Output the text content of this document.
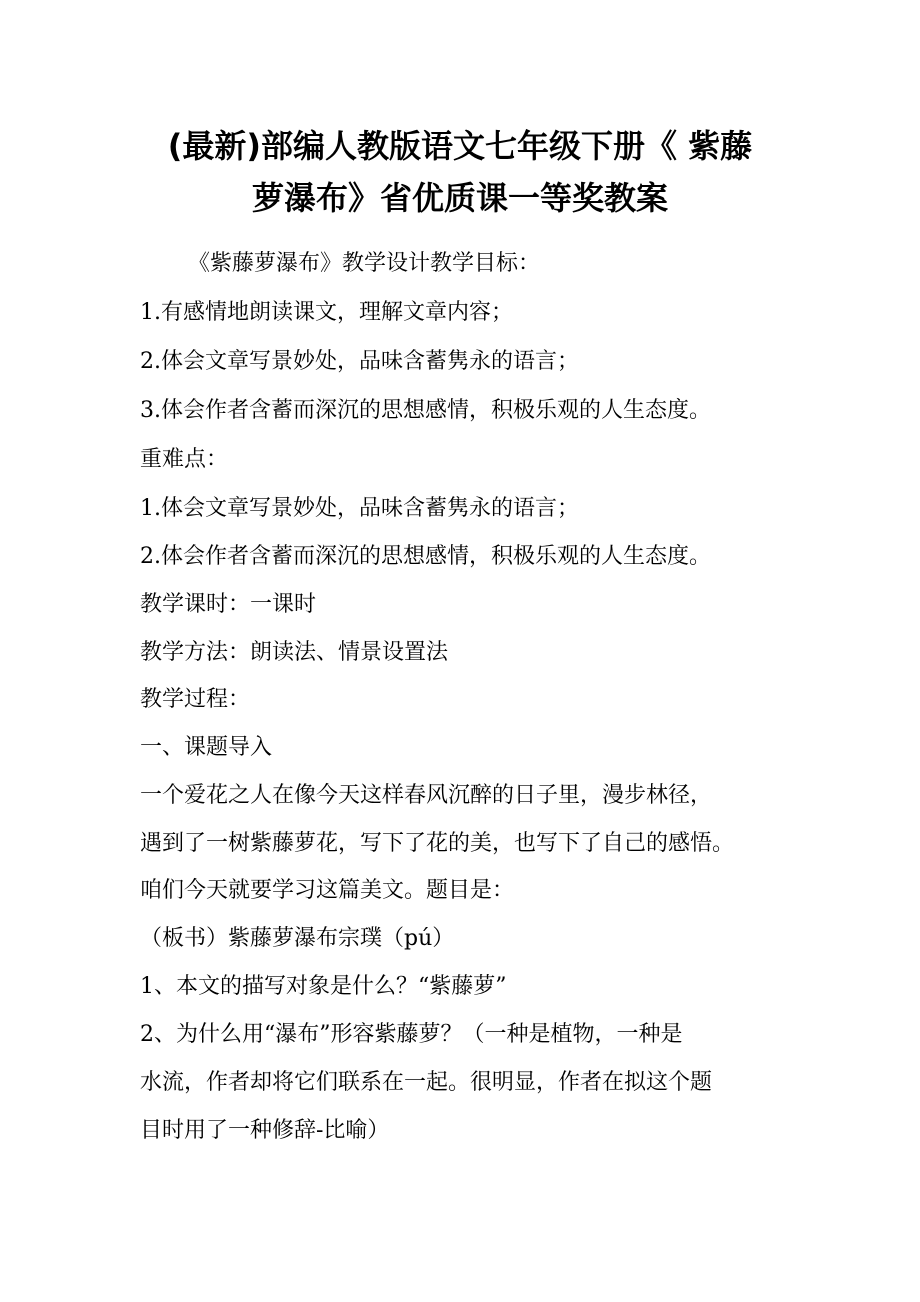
(最新)部编人教版语文七年级下册《 紫藤
萝瀑布》省优质课一等奖教案

《紫藤萝瀑布》教学设计教学目标：

1.有感情地朗读课文，理解文章内容；

2.体会文章写景妙处，品味含蓄隽永的语言；

3.体会作者含蓄而深沉的思想感情，积极乐观的人生态度。

重难点：

1.体会文章写景妙处，品味含蓄隽永的语言；

2.体会作者含蓄而深沉的思想感情，积极乐观的人生态度。

教学课时：一课时

教学方法：朗读法、情景设置法

教学过程：

一、课题导入

一个爱花之人在像今天这样春风沉醉的日子里，漫步林径，

遇到了一树紫藤萝花，写下了花的美，也写下了自己的感悟。

咱们今天就要学习这篇美文。题目是：

（板书）紫藤萝瀑布宗璞（pú）

1、本文的描写对象是什么？“紫藤萝”

2、为什么用“瀑布”形容紫藤萝？（一种是植物，一种是

水流，作者却将它们联系在一起。很明显，作者在拟这个题

目时用了一种修辞-比喻）
